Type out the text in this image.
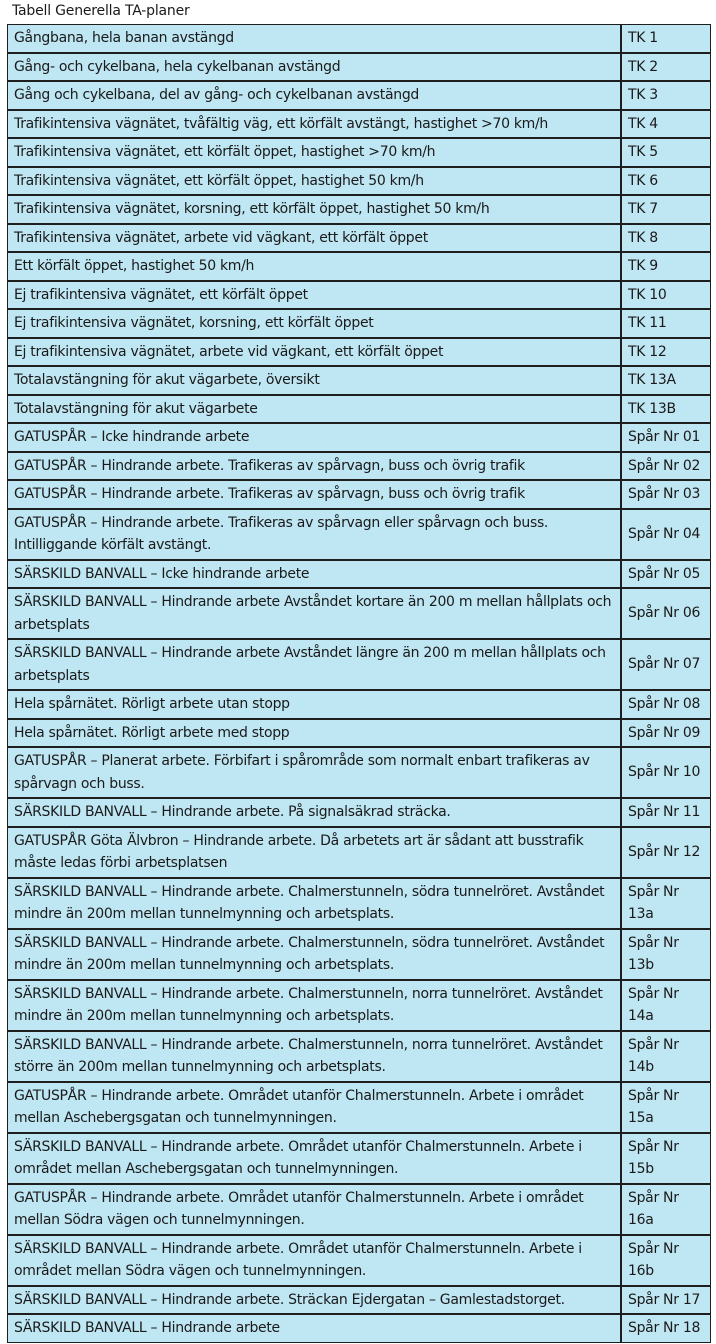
Tabell Generella TA-planer
Gångbana, hela banan avstängd	TK 1
Gång- och cykelbana, hela cykelbanan avstängd	TK 2
Gång och cykelbana, del av gång- och cykelbanan avstängd	TK 3
Trafikintensiva vägnätet, tvåfältig väg, ett körfält avstängt, hastighet >70 km/h	TK 4
Trafikintensiva vägnätet, ett körfält öppet, hastighet >70 km/h	TK 5
Trafikintensiva vägnätet, ett körfält öppet, hastighet 50 km/h	TK 6
Trafikintensiva vägnätet, korsning, ett körfält öppet, hastighet 50 km/h	TK 7
Trafikintensiva vägnätet, arbete vid vägkant, ett körfält öppet	TK 8
Ett körfält öppet, hastighet 50 km/h	TK 9
Ej trafikintensiva vägnätet, ett körfält öppet	TK 10
Ej trafikintensiva vägnätet, korsning, ett körfält öppet	TK 11
Ej trafikintensiva vägnätet, arbete vid vägkant, ett körfält öppet	TK 12
Totalavstängning för akut vägarbete, översikt	TK 13A
Totalavstängning för akut vägarbete	TK 13B
GATUSPÅR – Icke hindrande arbete	Spår Nr 01
GATUSPÅR – Hindrande arbete. Trafikeras av spårvagn, buss och övrig trafik	Spår Nr 02
GATUSPÅR – Hindrande arbete. Trafikeras av spårvagn, buss och övrig trafik	Spår Nr 03
GATUSPÅR – Hindrande arbete. Trafikeras av spårvagn eller spårvagn och buss. Intilliggande körfält avstängt.	Spår Nr 04
SÄRSKILD BANVALL – Icke hindrande arbete	Spår Nr 05
SÄRSKILD BANVALL – Hindrande arbete Avståndet kortare än 200 m mellan hållplats och arbetsplats	Spår Nr 06
SÄRSKILD BANVALL – Hindrande arbete Avståndet längre än 200 m mellan hållplats och arbetsplats	Spår Nr 07
Hela spårnätet. Rörligt arbete utan stopp	Spår Nr 08
Hela spårnätet. Rörligt arbete med stopp	Spår Nr 09
GATUSPÅR – Planerat arbete. Förbifart i spårområde som normalt enbart trafikeras av spårvagn och buss.	Spår Nr 10
SÄRSKILD BANVALL – Hindrande arbete. På signalsäkrad sträcka.	Spår Nr 11
GATUSPÅR Göta Älvbron – Hindrande arbete. Då arbetets art är sådant att busstrafik måste ledas förbi arbetsplatsen	Spår Nr 12
SÄRSKILD BANVALL – Hindrande arbete. Chalmerstunneln, södra tunnelröret. Avståndet mindre än 200m mellan tunnelmynning och arbetsplats.	Spår Nr 13a
SÄRSKILD BANVALL – Hindrande arbete. Chalmerstunneln, södra tunnelröret. Avståndet mindre än 200m mellan tunnelmynning och arbetsplats.	Spår Nr 13b
SÄRSKILD BANVALL – Hindrande arbete. Chalmerstunneln, norra tunnelröret. Avståndet mindre än 200m mellan tunnelmynning och arbetsplats.	Spår Nr 14a
SÄRSKILD BANVALL – Hindrande arbete. Chalmerstunneln, norra tunnelröret. Avståndet större än 200m mellan tunnelmynning och arbetsplats.	Spår Nr 14b
GATUSPÅR – Hindrande arbete. Området utanför Chalmerstunneln. Arbete i området mellan Aschebergsgatan och tunnelmynningen.	Spår Nr 15a
SÄRSKILD BANVALL – Hindrande arbete. Området utanför Chalmerstunneln. Arbete i området mellan Aschebergsgatan och tunnelmynningen.	Spår Nr 15b
GATUSPÅR – Hindrande arbete. Området utanför Chalmerstunneln. Arbete i området mellan Södra vägen och tunnelmynningen.	Spår Nr 16a
SÄRSKILD BANVALL – Hindrande arbete. Området utanför Chalmerstunneln. Arbete i området mellan Södra vägen och tunnelmynningen.	Spår Nr 16b
SÄRSKILD BANVALL – Hindrande arbete. Sträckan Ejdergatan – Gamlestadstorget.	Spår Nr 17
SÄRSKILD BANVALL – Hindrande arbete	Spår Nr 18
